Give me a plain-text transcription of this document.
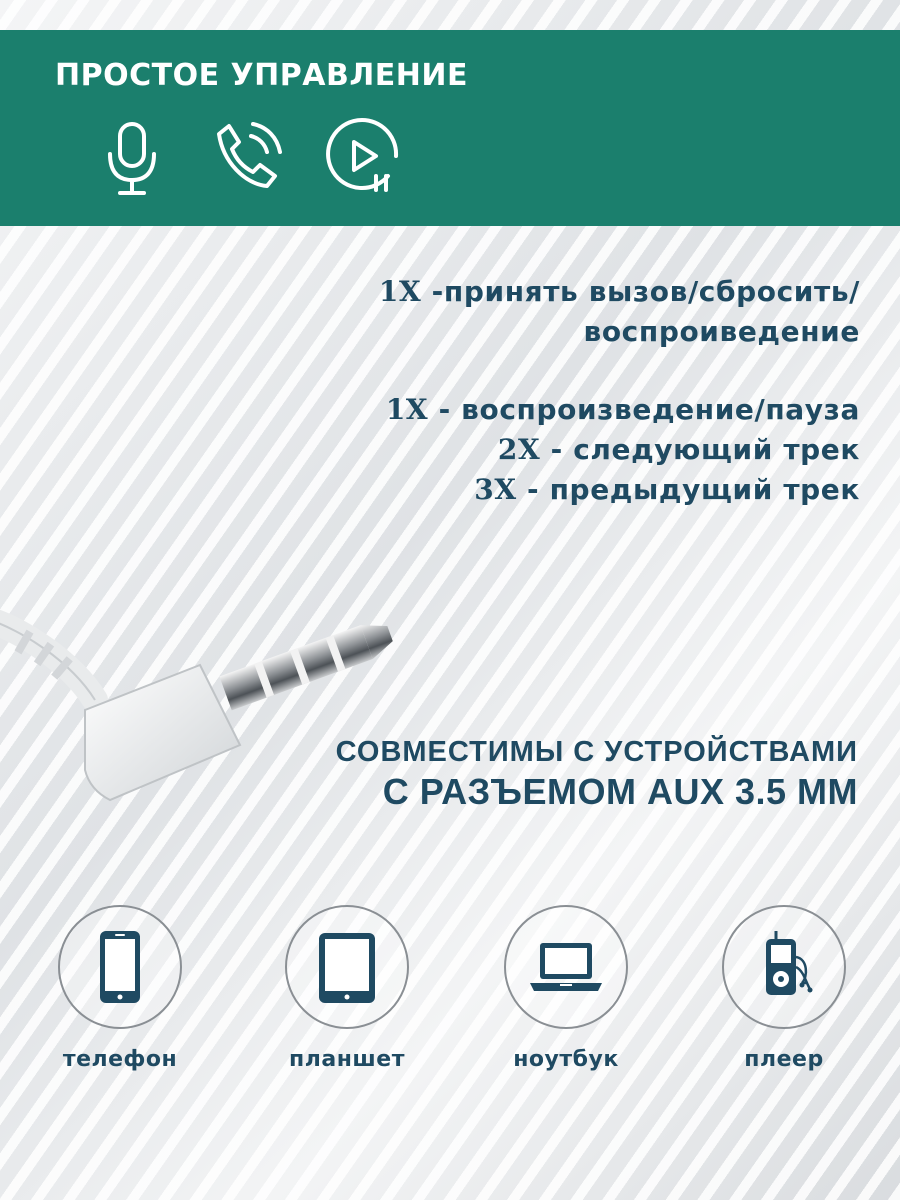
ПРОСТОЕ УПРАВЛЕНИЕ
1X -принять вызов/сбросить/
воспроиведение
1X - воспроизведение/пауза
2X - следующий трек
3X - предыдущий трек
СОВМЕСТИМЫ С УСТРОЙСТВАМИ
С РАЗЪЕМОМ AUX 3.5 MM
телефон	планшет	ноутбук	плеер
